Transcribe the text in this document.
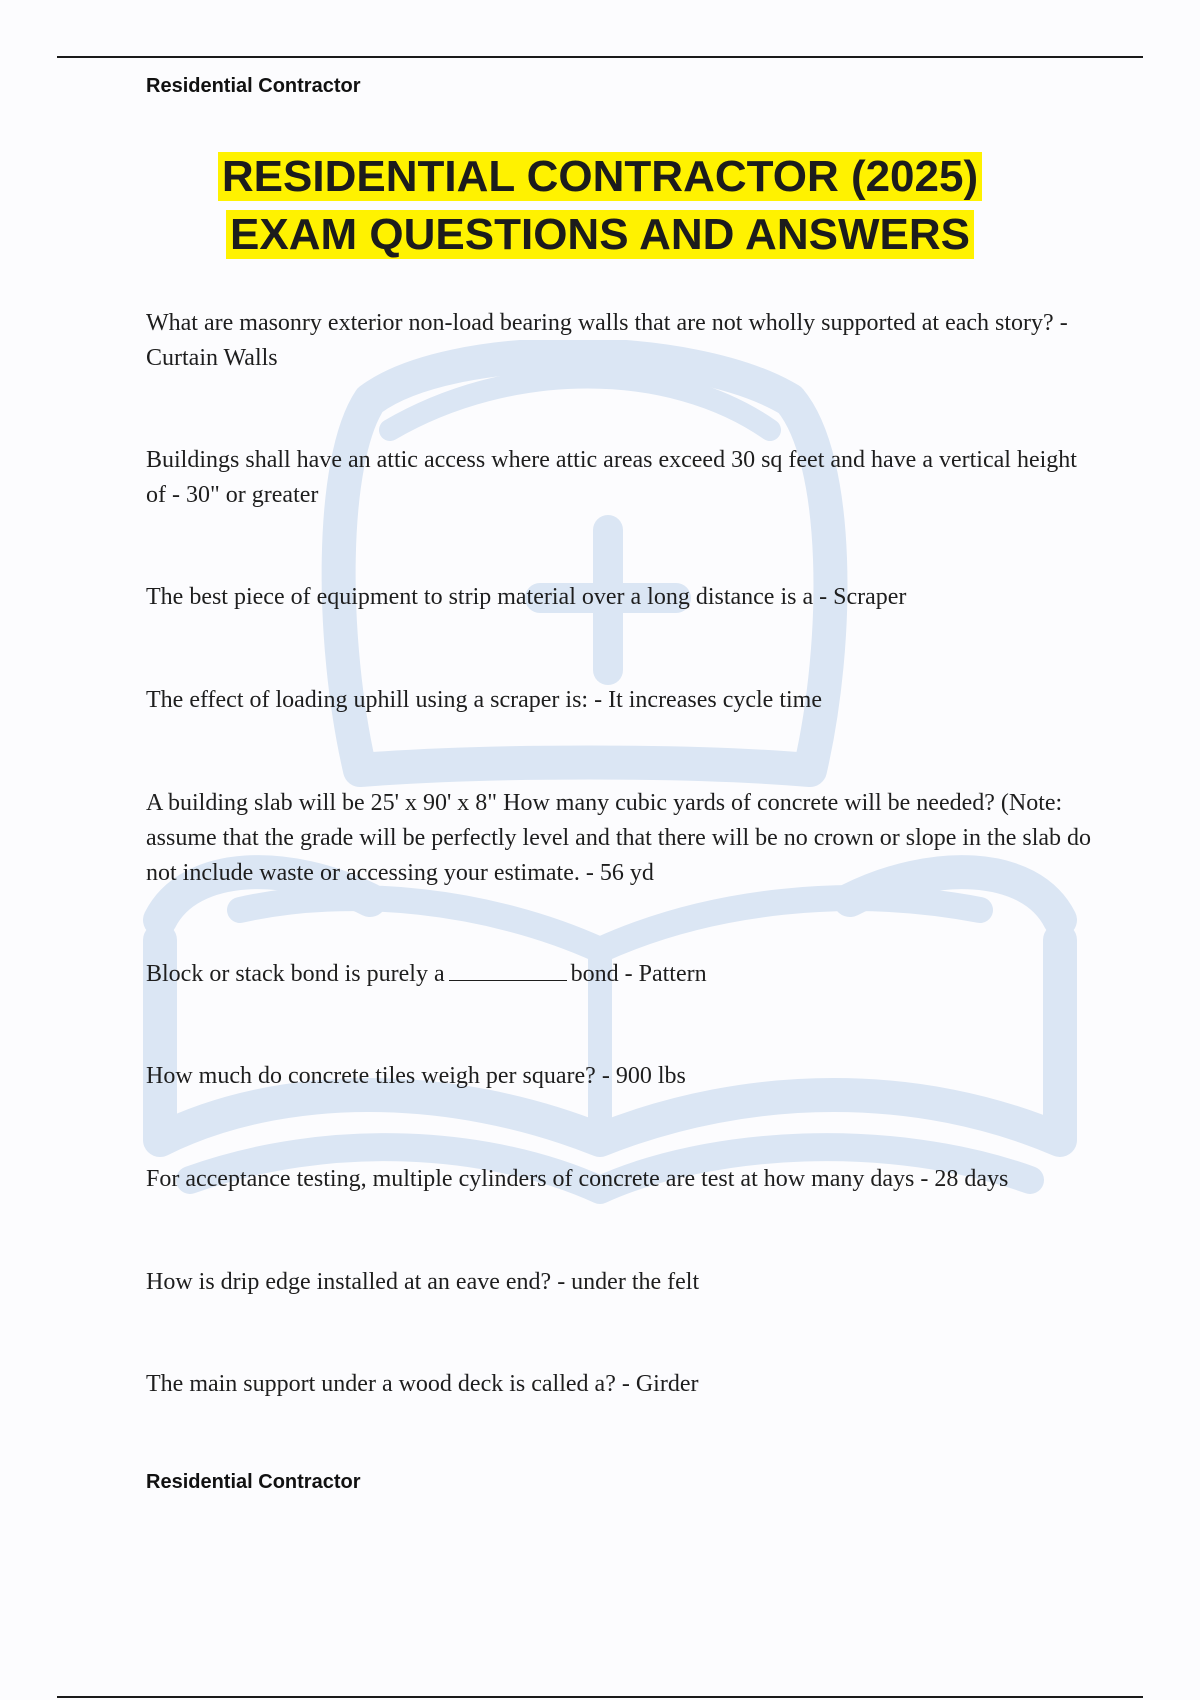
Residential Contractor
RESIDENTIAL CONTRACTOR (2025)
EXAM QUESTIONS AND ANSWERS

What are masonry exterior non-load bearing walls that are not wholly supported at each story? - Curtain Walls

Buildings shall have an attic access where attic areas exceed 30 sq feet and have a vertical height of - 30" or greater

The best piece of equipment to strip material over a long distance is a - Scraper

The effect of loading uphill using a scraper is: - It increases cycle time

A building slab will be 25' x 90' x 8" How many cubic yards of concrete will be needed? (Note: assume that the grade will be perfectly level and that there will be no crown or slope in the slab do not include waste or accessing your estimate. - 56 yd

Block or stack bond is purely a	bond - Pattern

How much do concrete tiles weigh per square? - 900 lbs

For acceptance testing, multiple cylinders of concrete are test at how many days - 28 days

How is drip edge installed at an eave end? - under the felt

The main support under a wood deck is called a? - Girder

Residential Contractor
